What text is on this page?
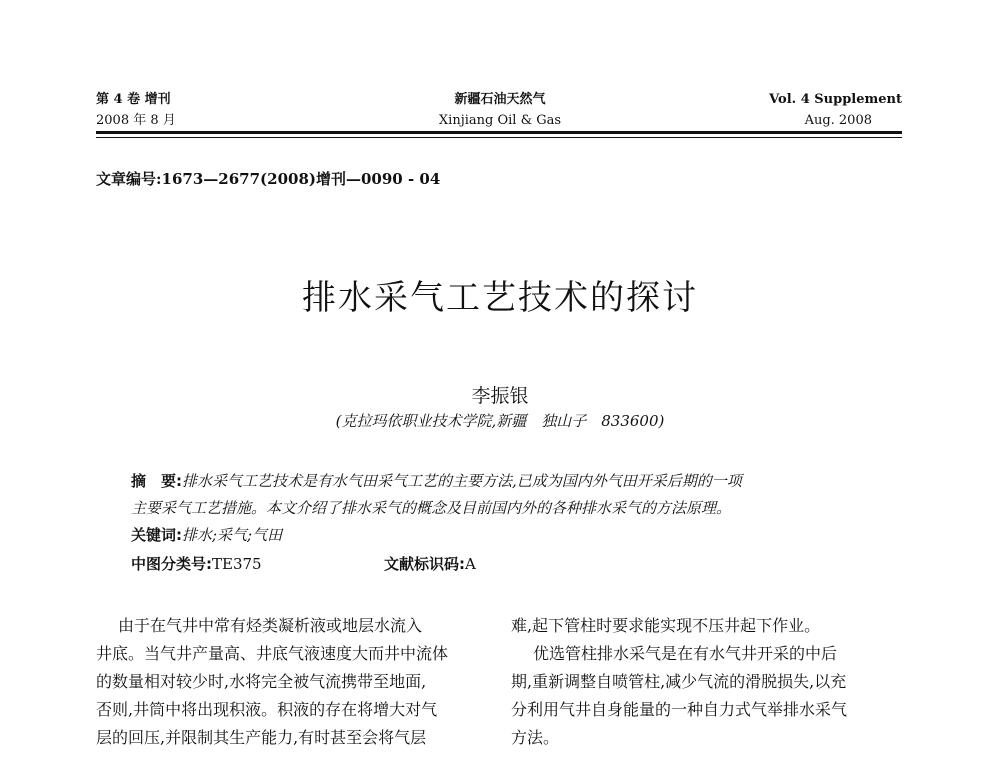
第 4 卷 增刊
2008 年 8 月
新疆石油天然气
Xinjiang Oil & Gas
Vol. 4 Supplement
Aug. 2008
文章编号:1673—2677(2008)增刊—0090 - 04
排水采气工艺技术的探讨
李振银
(克拉玛依职业技术学院,新疆　独山子　833600)
摘　要:排水采气工艺技术是有水气田采气工艺的主要方法,已成为国内外气田开采后期的一项
主要采气工艺措施。本文介绍了排水采气的概念及目前国内外的各种排水采气的方法原理。
关键词:排水;采气;气田
中图分类号:TE375	文献标识码:A
由于在气井中常有烃类凝析液或地层水流入
井底。当气井产量高、井底气液速度大而井中流体
的数量相对较少时,水将完全被气流携带至地面,
否则,井筒中将出现积液。积液的存在将增大对气
层的回压,并限制其生产能力,有时甚至会将气层
难,起下管柱时要求能实现不压井起下作业。
优选管柱排水采气是在有水气井开采的中后
期,重新调整自喷管柱,减少气流的滑脱损失,以充
分利用气井自身能量的一种自力式气举排水采气
方法。
